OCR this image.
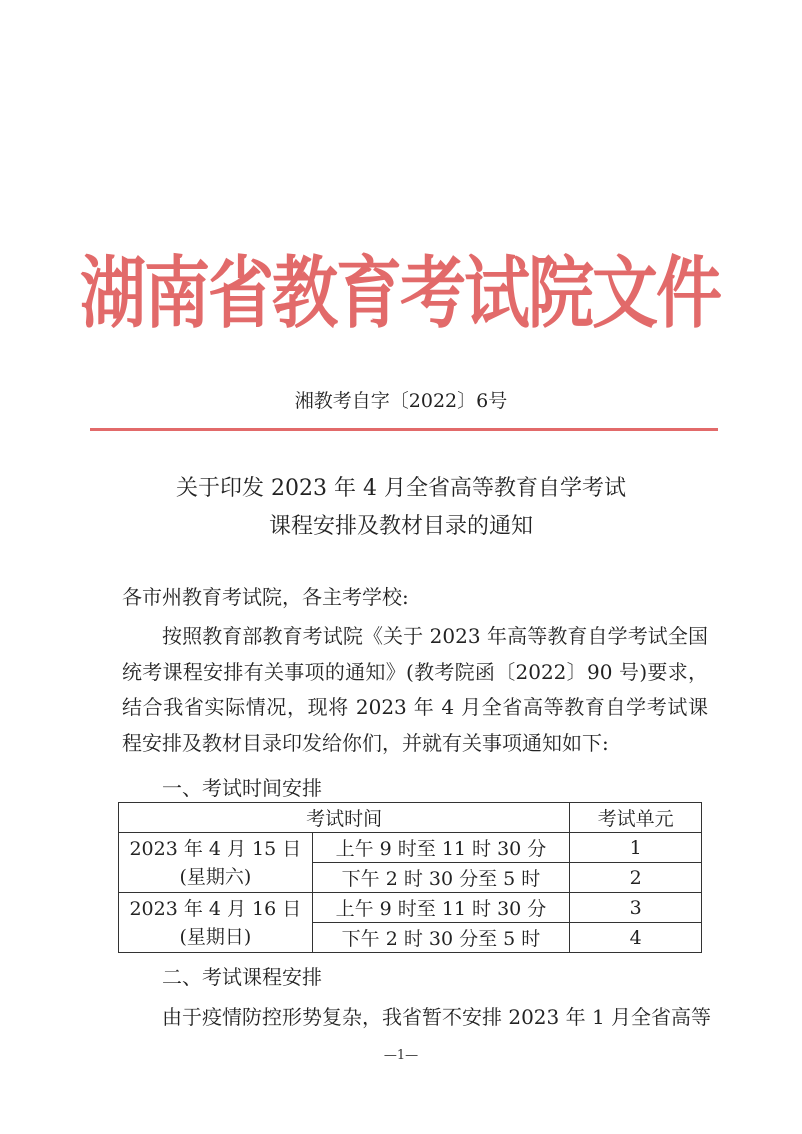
湖南省教育考试院文件
湘教考自字〔2022〕6号
关于印发 2023 年 4 月全省高等教育自学考试
课程安排及教材目录的通知
各市州教育考试院，各主考学校:
按照教育部教育考试院《关于 2023 年高等教育自学考试全国统考课程安排有关事项的通知》(教考院函〔2022〕90 号)要求，结合我省实际情况，现将 2023 年 4 月全省高等教育自学考试课程安排及教材目录印发给你们，并就有关事项通知如下:
一、考试时间安排
考试时间		考试单元

2023 年 4 月 15 日
(星期六)	上午 9 时至 11 时 30 分	1
	下午 2 时 30 分至 5 时	2

2023 年 4 月 16 日
(星期日)	上午 9 时至 11 时 30 分	3
	下午 2 时 30 分至 5 时	4
二、考试课程安排
由于疫情防控形势复杂，我省暂不安排 2023 年 1 月全省高等
—1—
